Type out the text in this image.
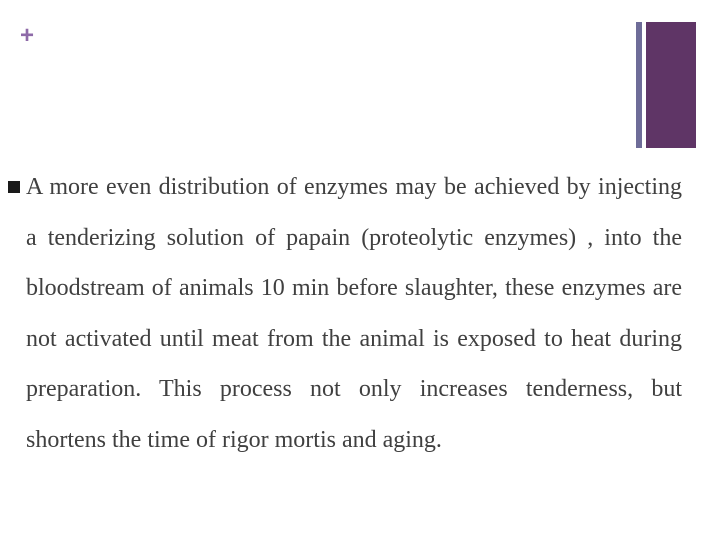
+
A more even distribution of enzymes may be achieved by injecting a tenderizing solution of papain (proteolytic enzymes) , into the bloodstream of animals 10 min before slaughter, these enzymes are not activated until meat from the animal is exposed to heat during preparation. This process not only increases tenderness, but shortens the time of rigor mortis and aging.
